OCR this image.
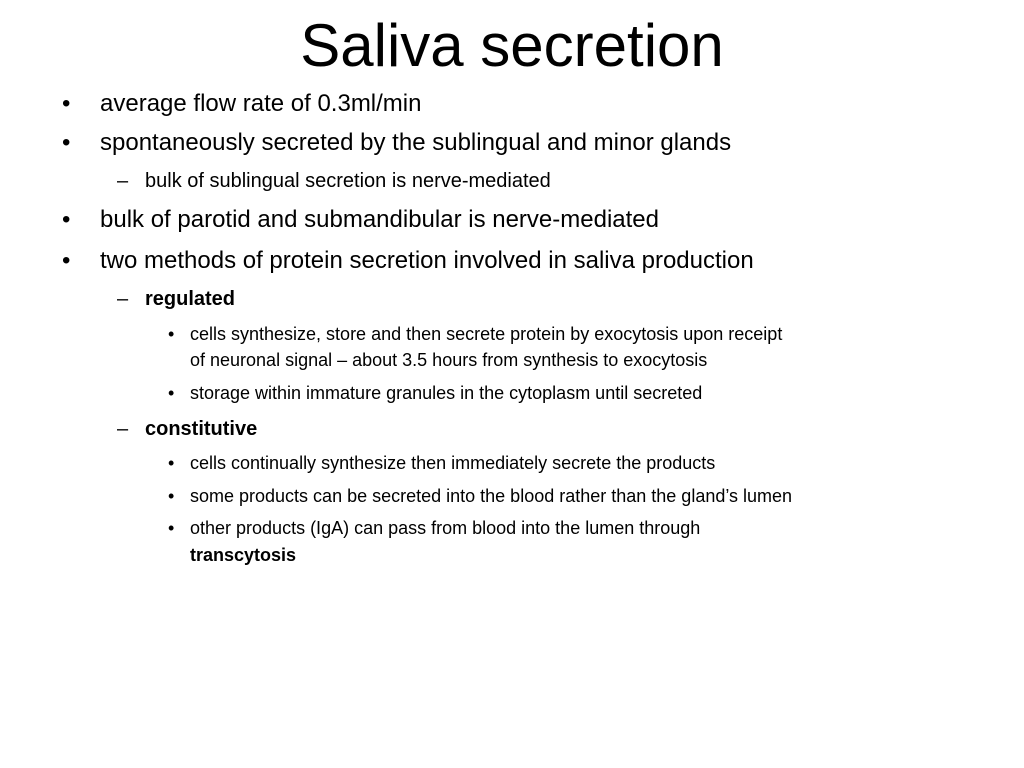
Saliva secretion
• average flow rate of 0.3ml/min
• spontaneously secreted by the sublingual and minor glands
– bulk of sublingual secretion is nerve-mediated
• bulk of parotid and submandibular is nerve-mediated
• two methods of protein secretion involved in saliva production
– regulated
• cells synthesize, store and then secrete protein by exocytosis upon receipt
of neuronal signal – about 3.5 hours from synthesis to exocytosis
• storage within immature granules in the cytoplasm until secreted
– constitutive
• cells continually synthesize then immediately secrete the products
• some products can be secreted into the blood rather than the gland’s lumen
• other products (IgA) can pass from blood into the lumen through
transcytosis
